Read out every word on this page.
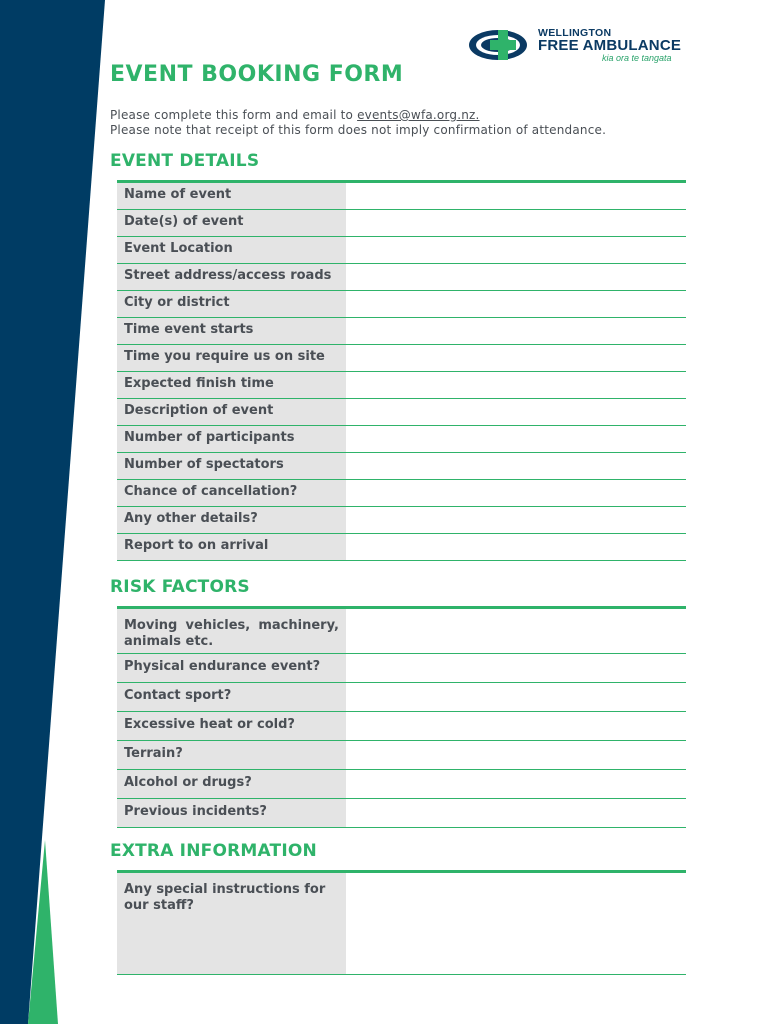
WELLINGTON
FREE AMBULANCE
kia ora te tangata
EVENT BOOKING FORM
Please complete this form and email to events@wfa.org.nz.
Please note that receipt of this form does not imply confirmation of attendance.
EVENT DETAILS
Name of event
Date(s) of event
Event Location
Street address/access roads
City or district
Time event starts
Time you require us on site
Expected finish time
Description of event
Number of participants
Number of spectators
Chance of cancellation?
Any other details?
Report to on arrival
RISK FACTORS
Moving vehicles, machinery, animals etc.
Physical endurance event?
Contact sport?
Excessive heat or cold?
Terrain?
Alcohol or drugs?
Previous incidents?
EXTRA INFORMATION
Any special instructions for our staff?
